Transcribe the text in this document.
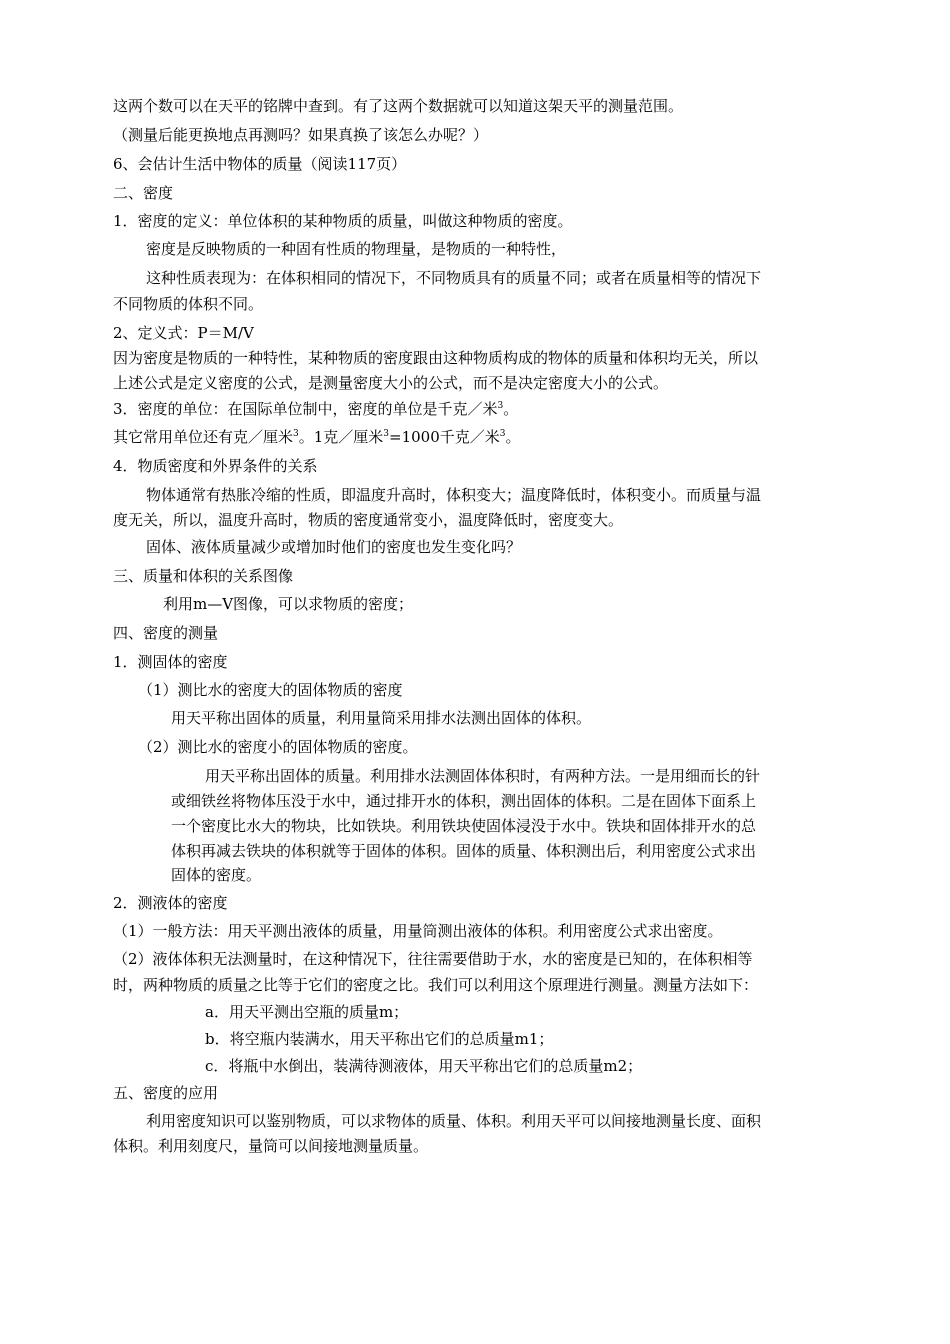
这两个数可以在天平的铭牌中查到。有了这两个数据就可以知道这架天平的测量范围。
（测量后能更换地点再测吗？如果真换了该怎么办呢？）
6、会估计生活中物体的质量（阅读117页）
二、密度
1．密度的定义：单位体积的某种物质的质量，叫做这种物质的密度。
密度是反映物质的一种固有性质的物理量，是物质的一种特性，
这种性质表现为：在体积相同的情况下，不同物质具有的质量不同；或者在质量相等的情况下
不同物质的体积不同。
2、定义式：P＝M/V
因为密度是物质的一种特性，某种物质的密度跟由这种物质构成的物体的质量和体积均无关，所以
上述公式是定义密度的公式，是测量密度大小的公式，而不是决定密度大小的公式。
3．密度的单位：在国际单位制中，密度的单位是千克／米$^3$。
其它常用单位还有克／厘米$^3$。1克／厘米$^3$=1000千克／米$^3$。
4．物质密度和外界条件的关系
物体通常有热胀冷缩的性质，即温度升高时，体积变大；温度降低时，体积变小。而质量与温
度无关，所以，温度升高时，物质的密度通常变小，温度降低时，密度变大。
固体、液体质量减少或增加时他们的密度也发生变化吗？
三、质量和体积的关系图像
利用m—V图像，可以求物质的密度；
四、密度的测量
1．测固体的密度
（1）测比水的密度大的固体物质的密度
用天平称出固体的质量，利用量筒采用排水法测出固体的体积。
（2）测比水的密度小的固体物质的密度。
用天平称出固体的质量。利用排水法测固体体积时，有两种方法。一是用细而长的针
或细铁丝将物体压没于水中，通过排开水的体积，测出固体的体积。二是在固体下面系上
一个密度比水大的物块，比如铁块。利用铁块使固体浸没于水中。铁块和固体排开水的总
体积再减去铁块的体积就等于固体的体积。固体的质量、体积测出后，利用密度公式求出
固体的密度。
2．测液体的密度
（1）一般方法：用天平测出液体的质量，用量筒测出液体的体积。利用密度公式求出密度。
（2）液体体积无法测量时，在这种情况下，往往需要借助于水，水的密度是已知的，在体积相等
时，两种物质的质量之比等于它们的密度之比。我们可以利用这个原理进行测量。测量方法如下：
a．用天平测出空瓶的质量m；
b．将空瓶内装满水，用天平称出它们的总质量m1；
c．将瓶中水倒出，装满待测液体，用天平称出它们的总质量m2；
五、密度的应用
利用密度知识可以鉴别物质，可以求物体的质量、体积。利用天平可以间接地测量长度、面积
体积。利用刻度尺，量筒可以间接地测量质量。
